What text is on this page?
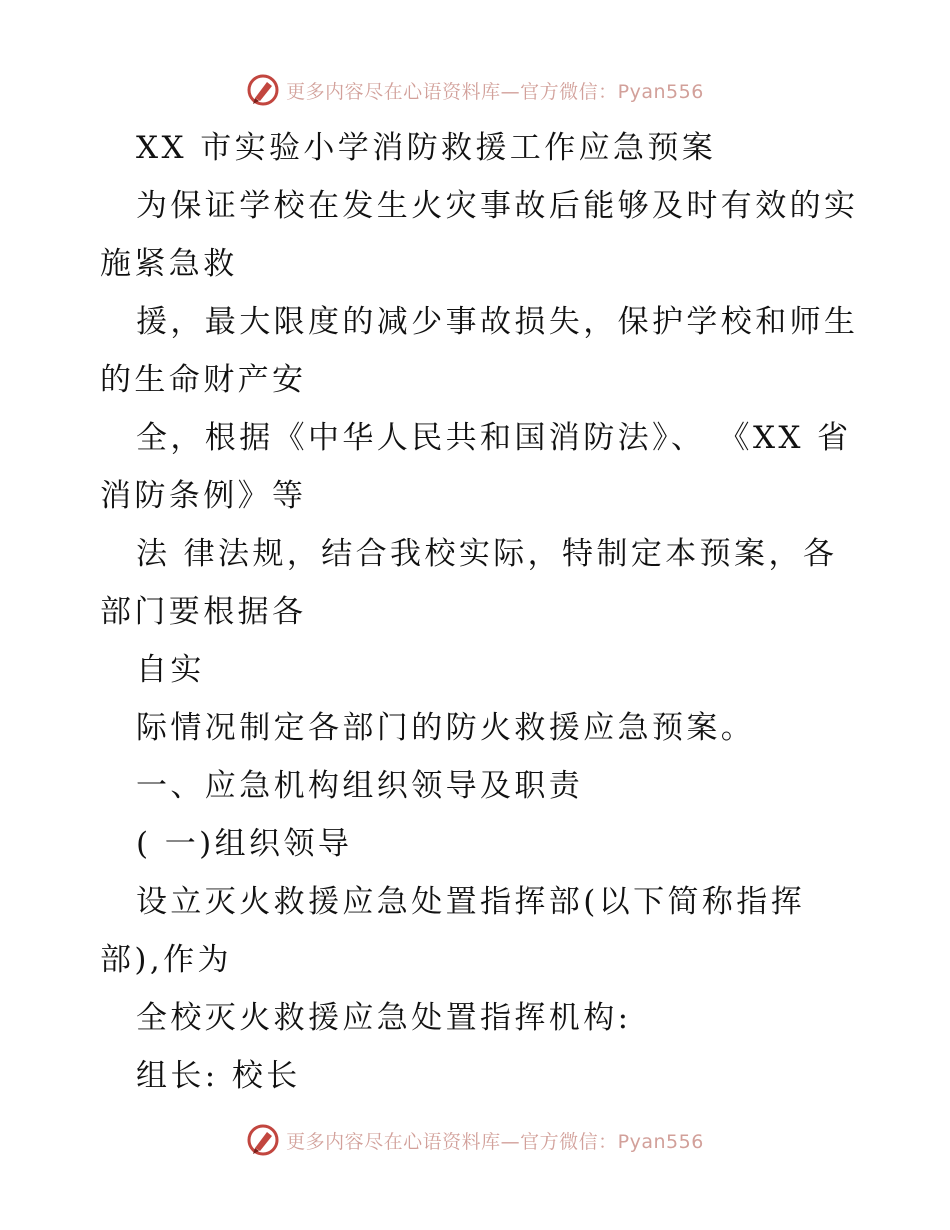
更多内容尽在心语资料库—官方微信：Pyan556
XX 市实验小学消防救援工作应急预案
为保证学校在发生火灾事故后能够及时有效的实
施紧急救
援，最大限度的减少事故损失，保护学校和师生
的生命财产安
全，根据《中华人民共和国消防法》、 《XX 省
消防条例》等
法 律法规，结合我校实际，特制定本预案，各
部门要根据各
自实
际情况制定各部门的防火救援应急预案。
一、应急机构组织领导及职责
( 一)组织领导
设立灭火救援应急处置指挥部(以下简称指挥
部),作为
全校灭火救援应急处置指挥机构:
组长: 校长
更多内容尽在心语资料库—官方微信：Pyan556
